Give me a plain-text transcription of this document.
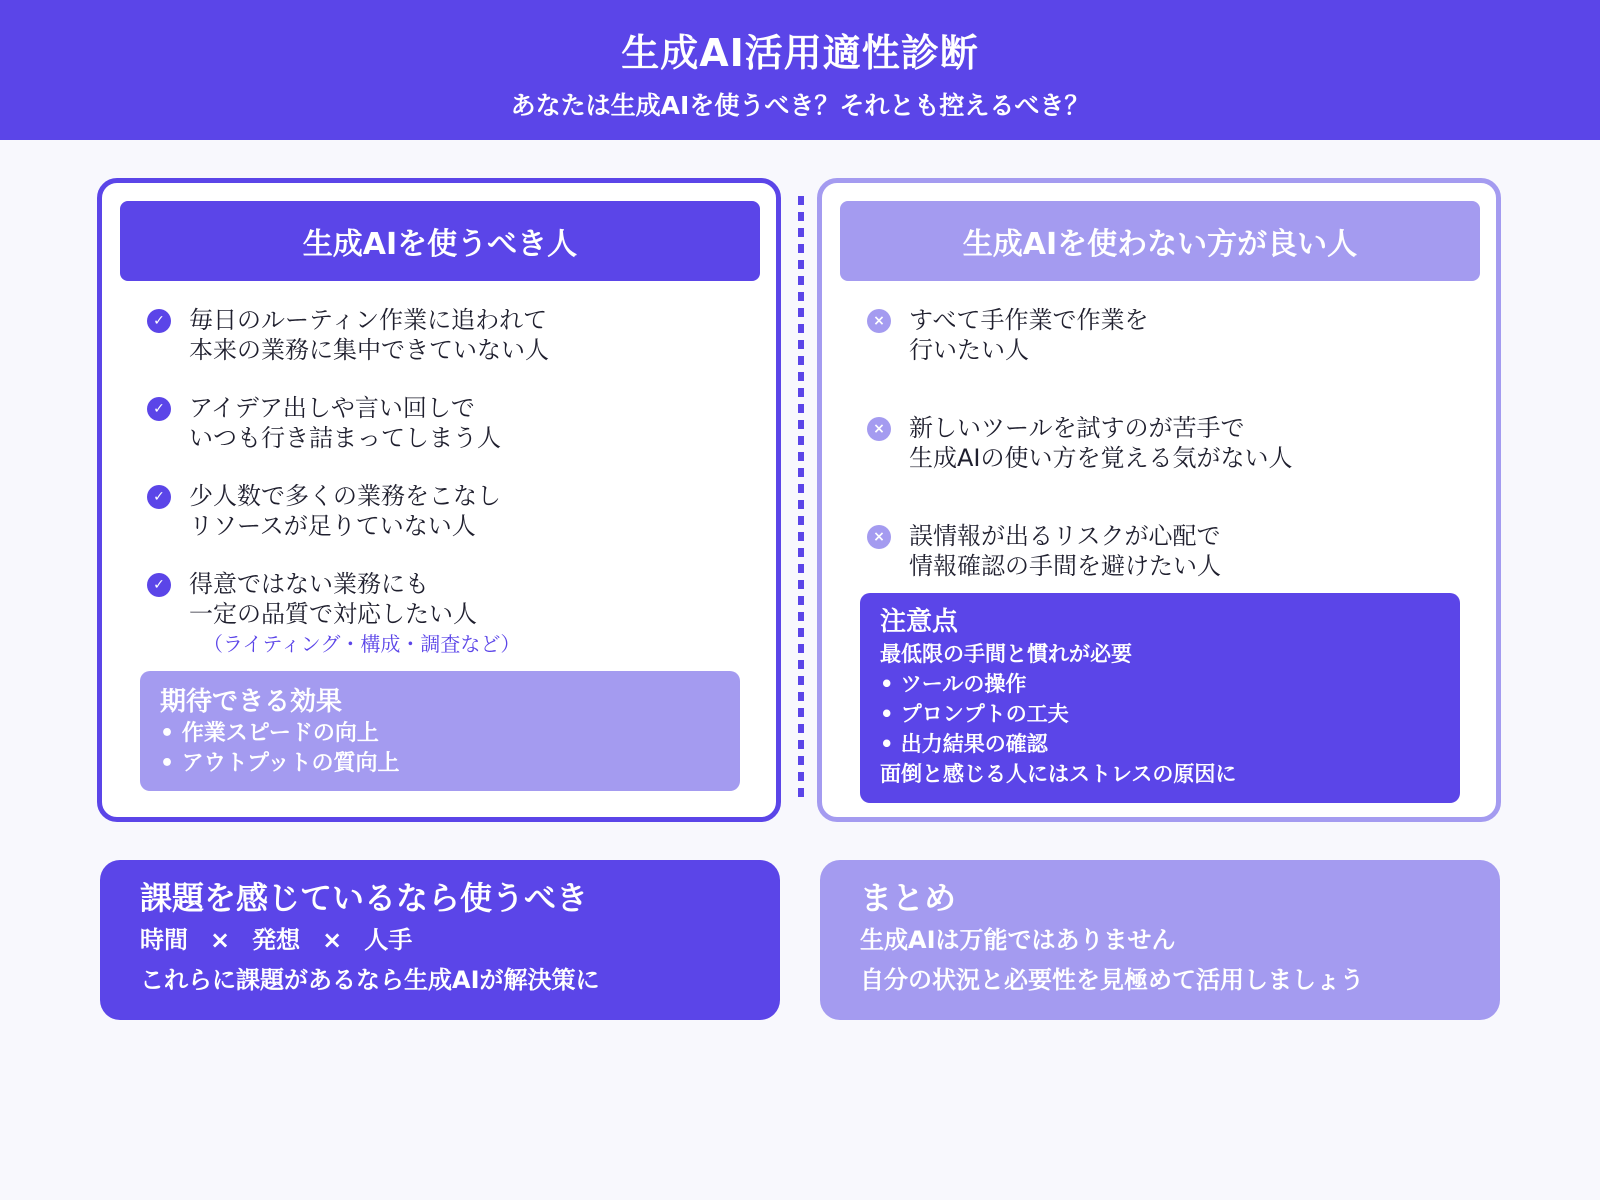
生成AI活用適性診断
あなたは生成AIを使うべき？それとも控えるべき？
生成AIを使うべき人
✓ 毎日のルーティン作業に追われて
本来の業務に集中できていない人
✓ アイデア出しや言い回しで
いつも行き詰まってしまう人
✓ 少人数で多くの業務をこなし
リソースが足りていない人
✓ 得意ではない業務にも
一定の品質で対応したい人
（ライティング・構成・調査など）
期待できる効果
• 作業スピードの向上
• アウトプットの質向上
生成AIを使わない方が良い人
× すべて手作業で作業を
行いたい人
× 新しいツールを試すのが苦手で
生成AIの使い方を覚える気がない人
× 誤情報が出るリスクが心配で
情報確認の手間を避けたい人
注意点
最低限の手間と慣れが必要
• ツールの操作
• プロンプトの工夫
• 出力結果の確認
面倒と感じる人にはストレスの原因に
課題を感じているなら使うべき
時間 × 発想 × 人手
これらに課題があるなら生成AIが解決策に
まとめ
生成AIは万能ではありません
自分の状況と必要性を見極めて活用しましょう
